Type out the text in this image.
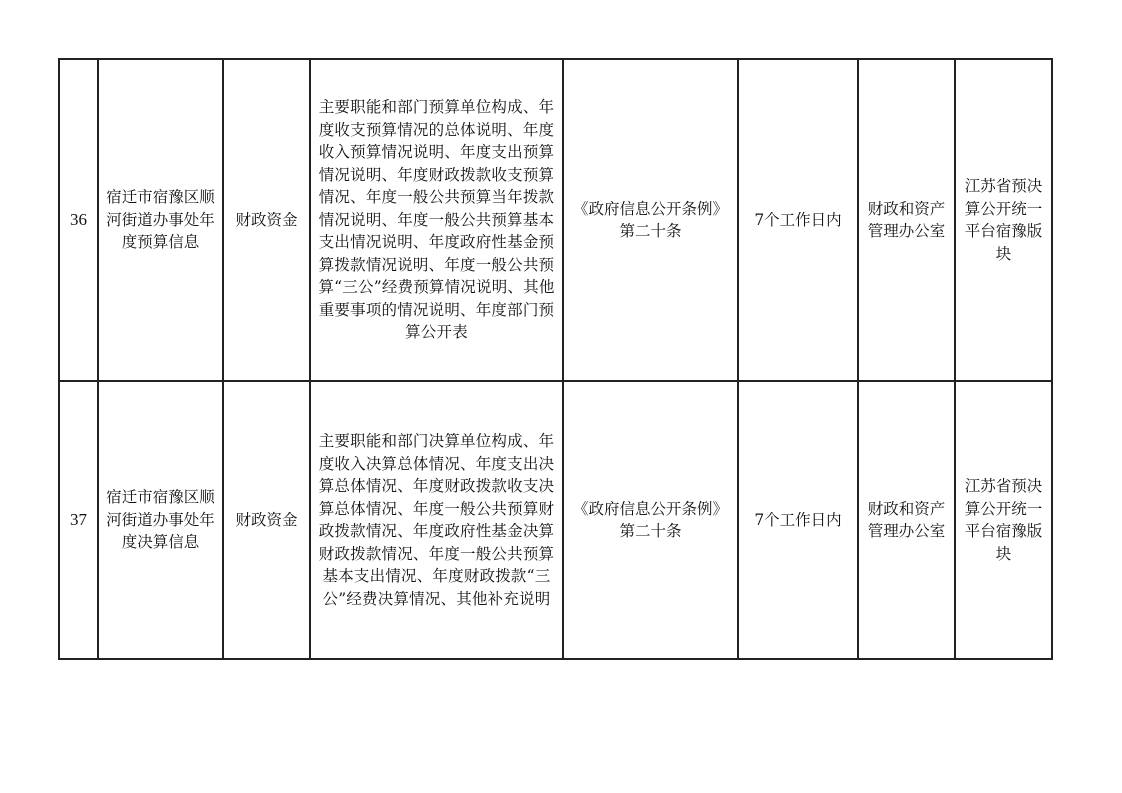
36	宿迁市宿豫区顺河街道办事处年度预算信息	财政资金	主要职能和部门预算单位构成、年度收支预算情况的总体说明、年度收入预算情况说明、年度支出预算情况说明、年度财政拨款收支预算情况、年度一般公共预算当年拨款情况说明、年度一般公共预算基本支出情况说明、年度政府性基金预算拨款情况说明、年度一般公共预算“三公”经费预算情况说明、其他重要事项的情况说明、年度部门预算公开表	《政府信息公开条例》第二十条	7个工作日内	财政和资产管理办公室	江苏省预决算公开统一平台宿豫版块
37	宿迁市宿豫区顺河街道办事处年度决算信息	财政资金	主要职能和部门决算单位构成、年度收入决算总体情况、年度支出决算总体情况、年度财政拨款收支决算总体情况、年度一般公共预算财政拨款情况、年度政府性基金决算财政拨款情况、年度一般公共预算基本支出情况、年度财政拨款“三公”经费决算情况、其他补充说明	《政府信息公开条例》第二十条	7个工作日内	财政和资产管理办公室	江苏省预决算公开统一平台宿豫版块
